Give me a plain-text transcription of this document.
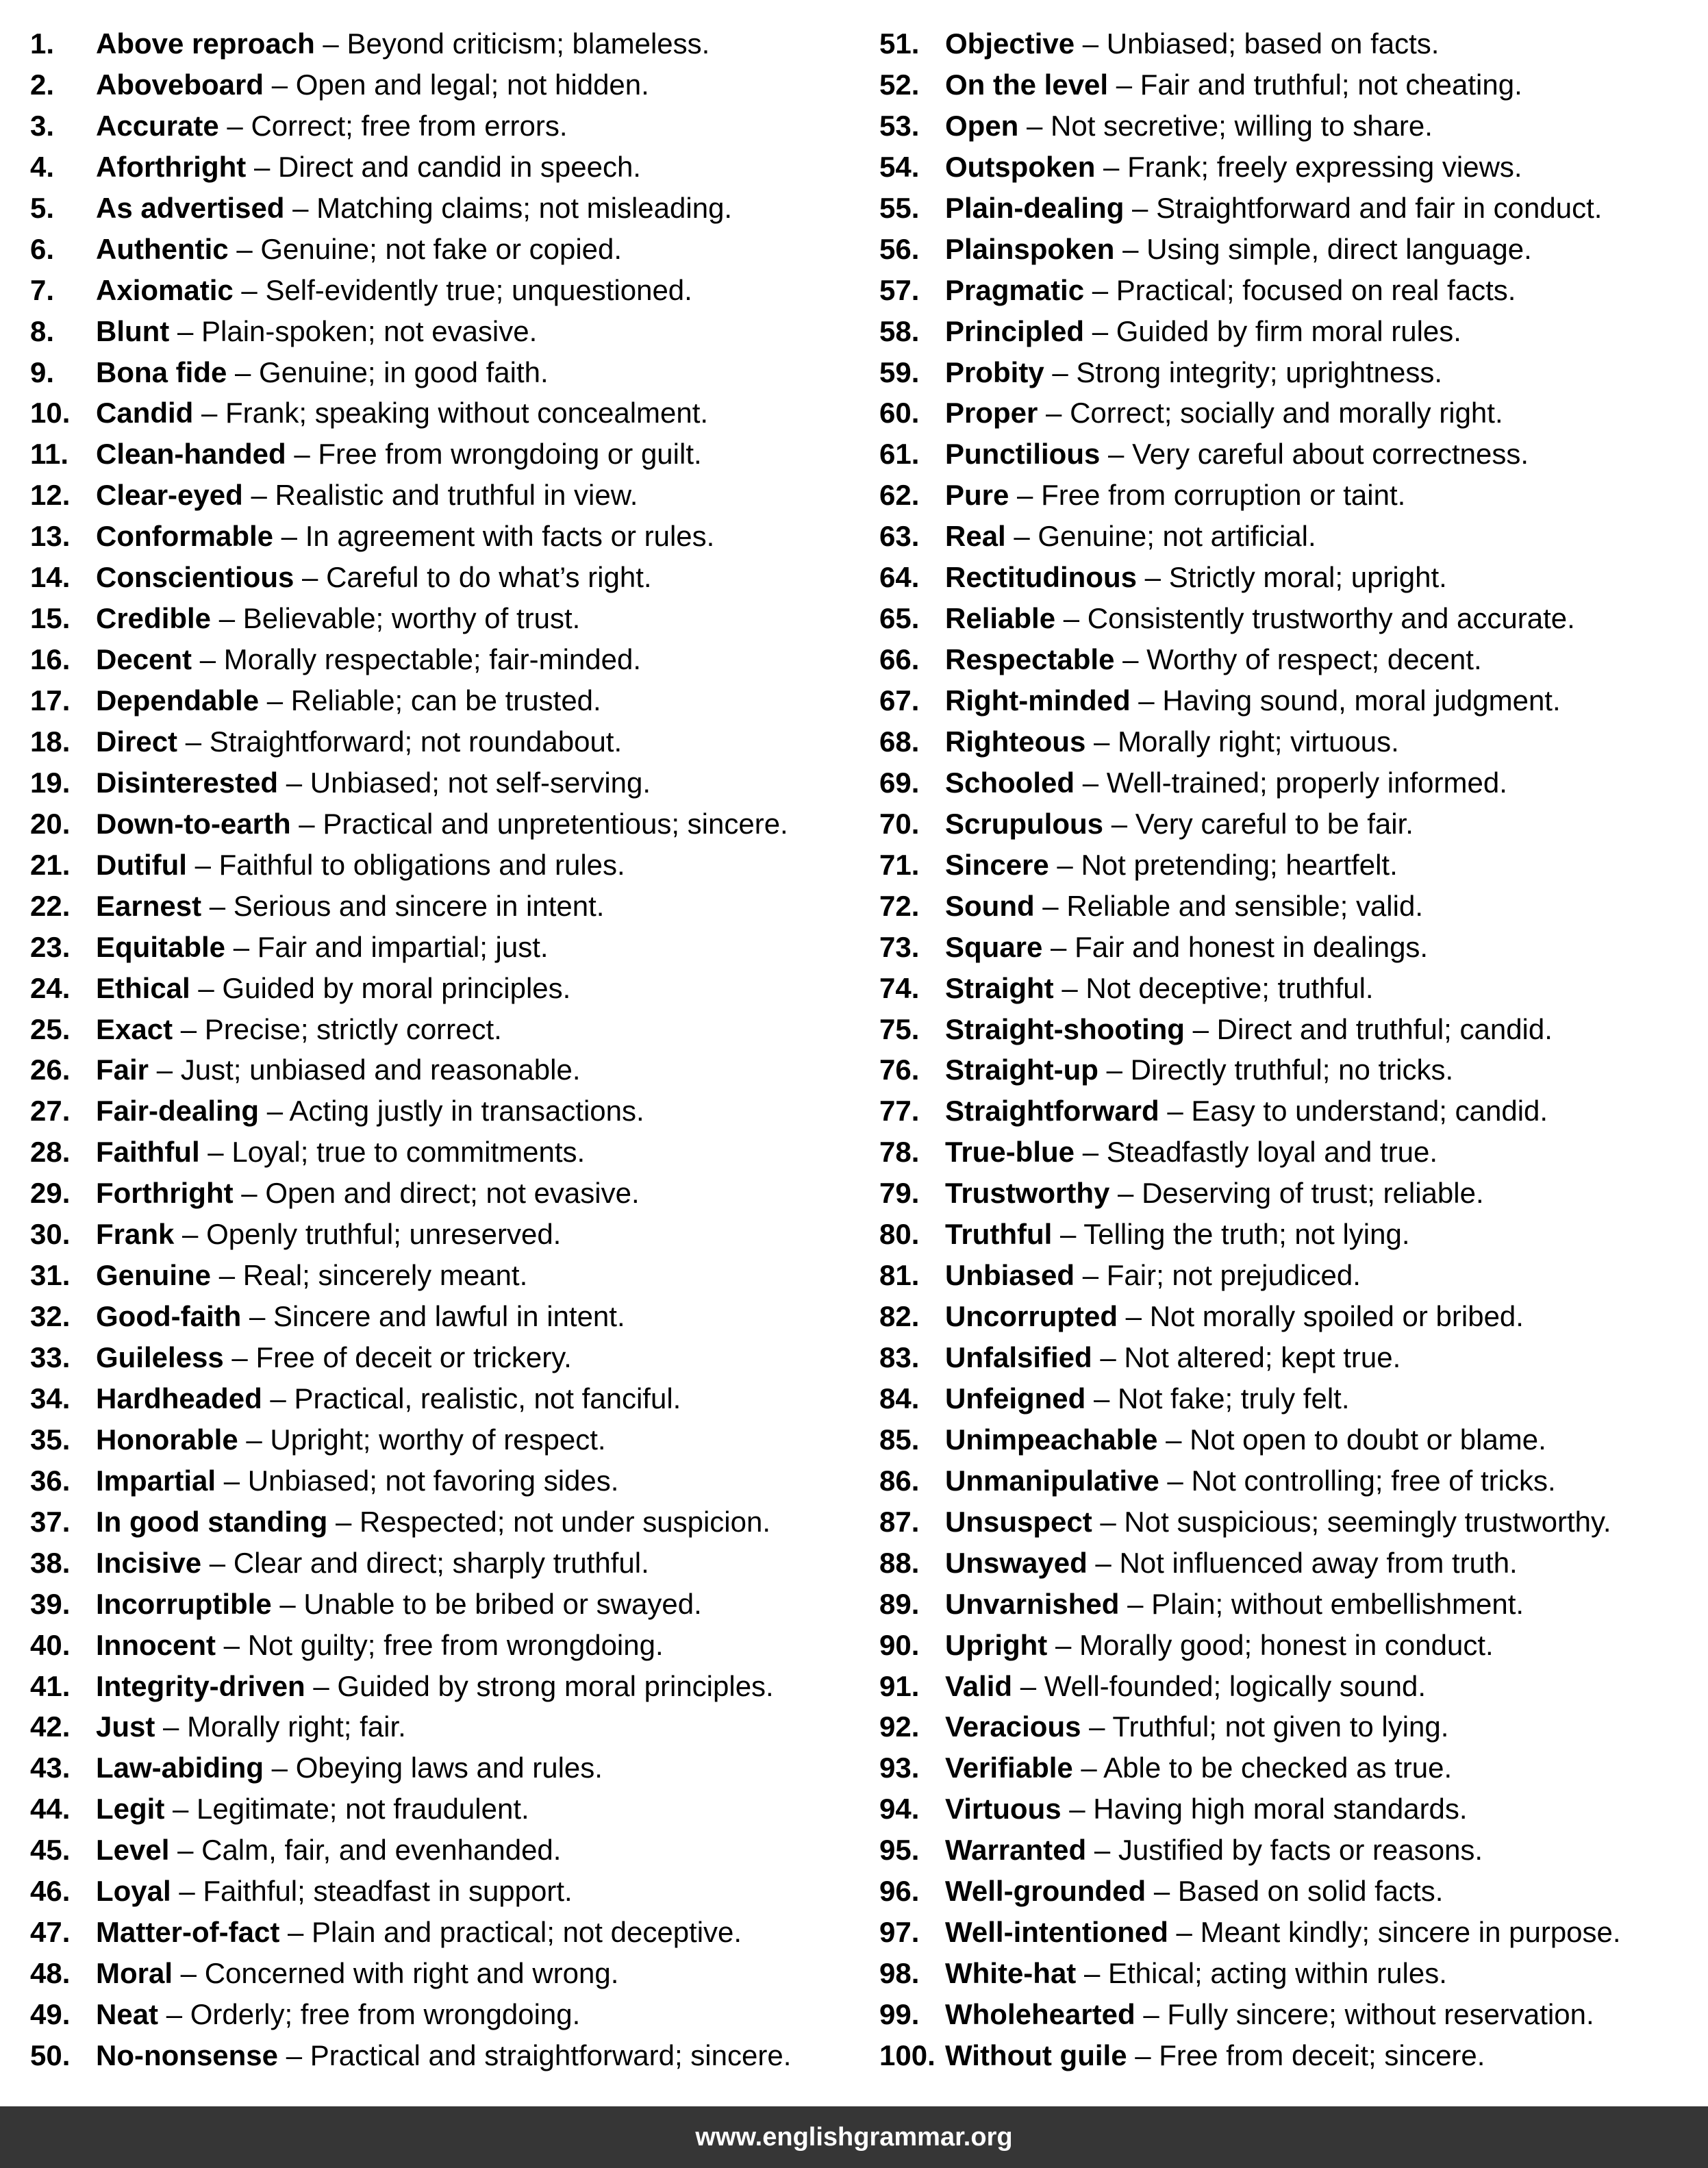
1.	Above reproach – Beyond criticism; blameless.
2.	Aboveboard – Open and legal; not hidden.
3.	Accurate – Correct; free from errors.
4.	Aforthright – Direct and candid in speech.
5.	As advertised – Matching claims; not misleading.
6.	Authentic – Genuine; not fake or copied.
7.	Axiomatic – Self-evidently true; unquestioned.
8.	Blunt – Plain-spoken; not evasive.
9.	Bona fide – Genuine; in good faith.
10. Candid – Frank; speaking without concealment.
11. Clean-handed – Free from wrongdoing or guilt.
12. Clear-eyed – Realistic and truthful in view.
13. Conformable – In agreement with facts or rules.
14. Conscientious – Careful to do what’s right.
15. Credible – Believable; worthy of trust.
16. Decent – Morally respectable; fair-minded.
17. Dependable – Reliable; can be trusted.
18. Direct – Straightforward; not roundabout.
19. Disinterested – Unbiased; not self-serving.
20. Down-to-earth – Practical and unpretentious; sincere.
21. Dutiful – Faithful to obligations and rules.
22. Earnest – Serious and sincere in intent.
23. Equitable – Fair and impartial; just.
24. Ethical – Guided by moral principles.
25. Exact – Precise; strictly correct.
26. Fair – Just; unbiased and reasonable.
27. Fair-dealing – Acting justly in transactions.
28. Faithful – Loyal; true to commitments.
29. Forthright – Open and direct; not evasive.
30. Frank – Openly truthful; unreserved.
31. Genuine – Real; sincerely meant.
32. Good-faith – Sincere and lawful in intent.
33. Guileless – Free of deceit or trickery.
34. Hardheaded – Practical, realistic, not fanciful.
35. Honorable – Upright; worthy of respect.
36. Impartial – Unbiased; not favoring sides.
37. In good standing – Respected; not under suspicion.
38. Incisive – Clear and direct; sharply truthful.
39. Incorruptible – Unable to be bribed or swayed.
40. Innocent – Not guilty; free from wrongdoing.
41. Integrity-driven – Guided by strong moral principles.
42. Just – Morally right; fair.
43. Law-abiding – Obeying laws and rules.
44. Legit – Legitimate; not fraudulent.
45. Level – Calm, fair, and evenhanded.
46. Loyal – Faithful; steadfast in support.
47. Matter-of-fact – Plain and practical; not deceptive.
48. Moral – Concerned with right and wrong.
49. Neat – Orderly; free from wrongdoing.
50. No-nonsense – Practical and straightforward; sincere.
51. Objective – Unbiased; based on facts.
52. On the level – Fair and truthful; not cheating.
53. Open – Not secretive; willing to share.
54. Outspoken – Frank; freely expressing views.
55. Plain-dealing – Straightforward and fair in conduct.
56. Plainspoken – Using simple, direct language.
57. Pragmatic – Practical; focused on real facts.
58. Principled – Guided by firm moral rules.
59. Probity – Strong integrity; uprightness.
60. Proper – Correct; socially and morally right.
61. Punctilious – Very careful about correctness.
62. Pure – Free from corruption or taint.
63. Real – Genuine; not artificial.
64. Rectitudinous – Strictly moral; upright.
65. Reliable – Consistently trustworthy and accurate.
66. Respectable – Worthy of respect; decent.
67. Right-minded – Having sound, moral judgment.
68. Righteous – Morally right; virtuous.
69. Schooled – Well-trained; properly informed.
70. Scrupulous – Very careful to be fair.
71. Sincere – Not pretending; heartfelt.
72. Sound – Reliable and sensible; valid.
73. Square – Fair and honest in dealings.
74. Straight – Not deceptive; truthful.
75. Straight-shooting – Direct and truthful; candid.
76. Straight-up – Directly truthful; no tricks.
77. Straightforward – Easy to understand; candid.
78. True-blue – Steadfastly loyal and true.
79. Trustworthy – Deserving of trust; reliable.
80. Truthful – Telling the truth; not lying.
81. Unbiased – Fair; not prejudiced.
82. Uncorrupted – Not morally spoiled or bribed.
83. Unfalsified – Not altered; kept true.
84. Unfeigned – Not fake; truly felt.
85. Unimpeachable – Not open to doubt or blame.
86. Unmanipulative – Not controlling; free of tricks.
87. Unsuspect – Not suspicious; seemingly trustworthy.
88. Unswayed – Not influenced away from truth.
89. Unvarnished – Plain; without embellishment.
90. Upright – Morally good; honest in conduct.
91. Valid – Well-founded; logically sound.
92. Veracious – Truthful; not given to lying.
93. Verifiable – Able to be checked as true.
94. Virtuous – Having high moral standards.
95. Warranted – Justified by facts or reasons.
96. Well-grounded – Based on solid facts.
97. Well-intentioned – Meant kindly; sincere in purpose.
98. White-hat – Ethical; acting within rules.
99. Wholehearted – Fully sincere; without reservation.
100. Without guile – Free from deceit; sincere.
www.englishgrammar.org
